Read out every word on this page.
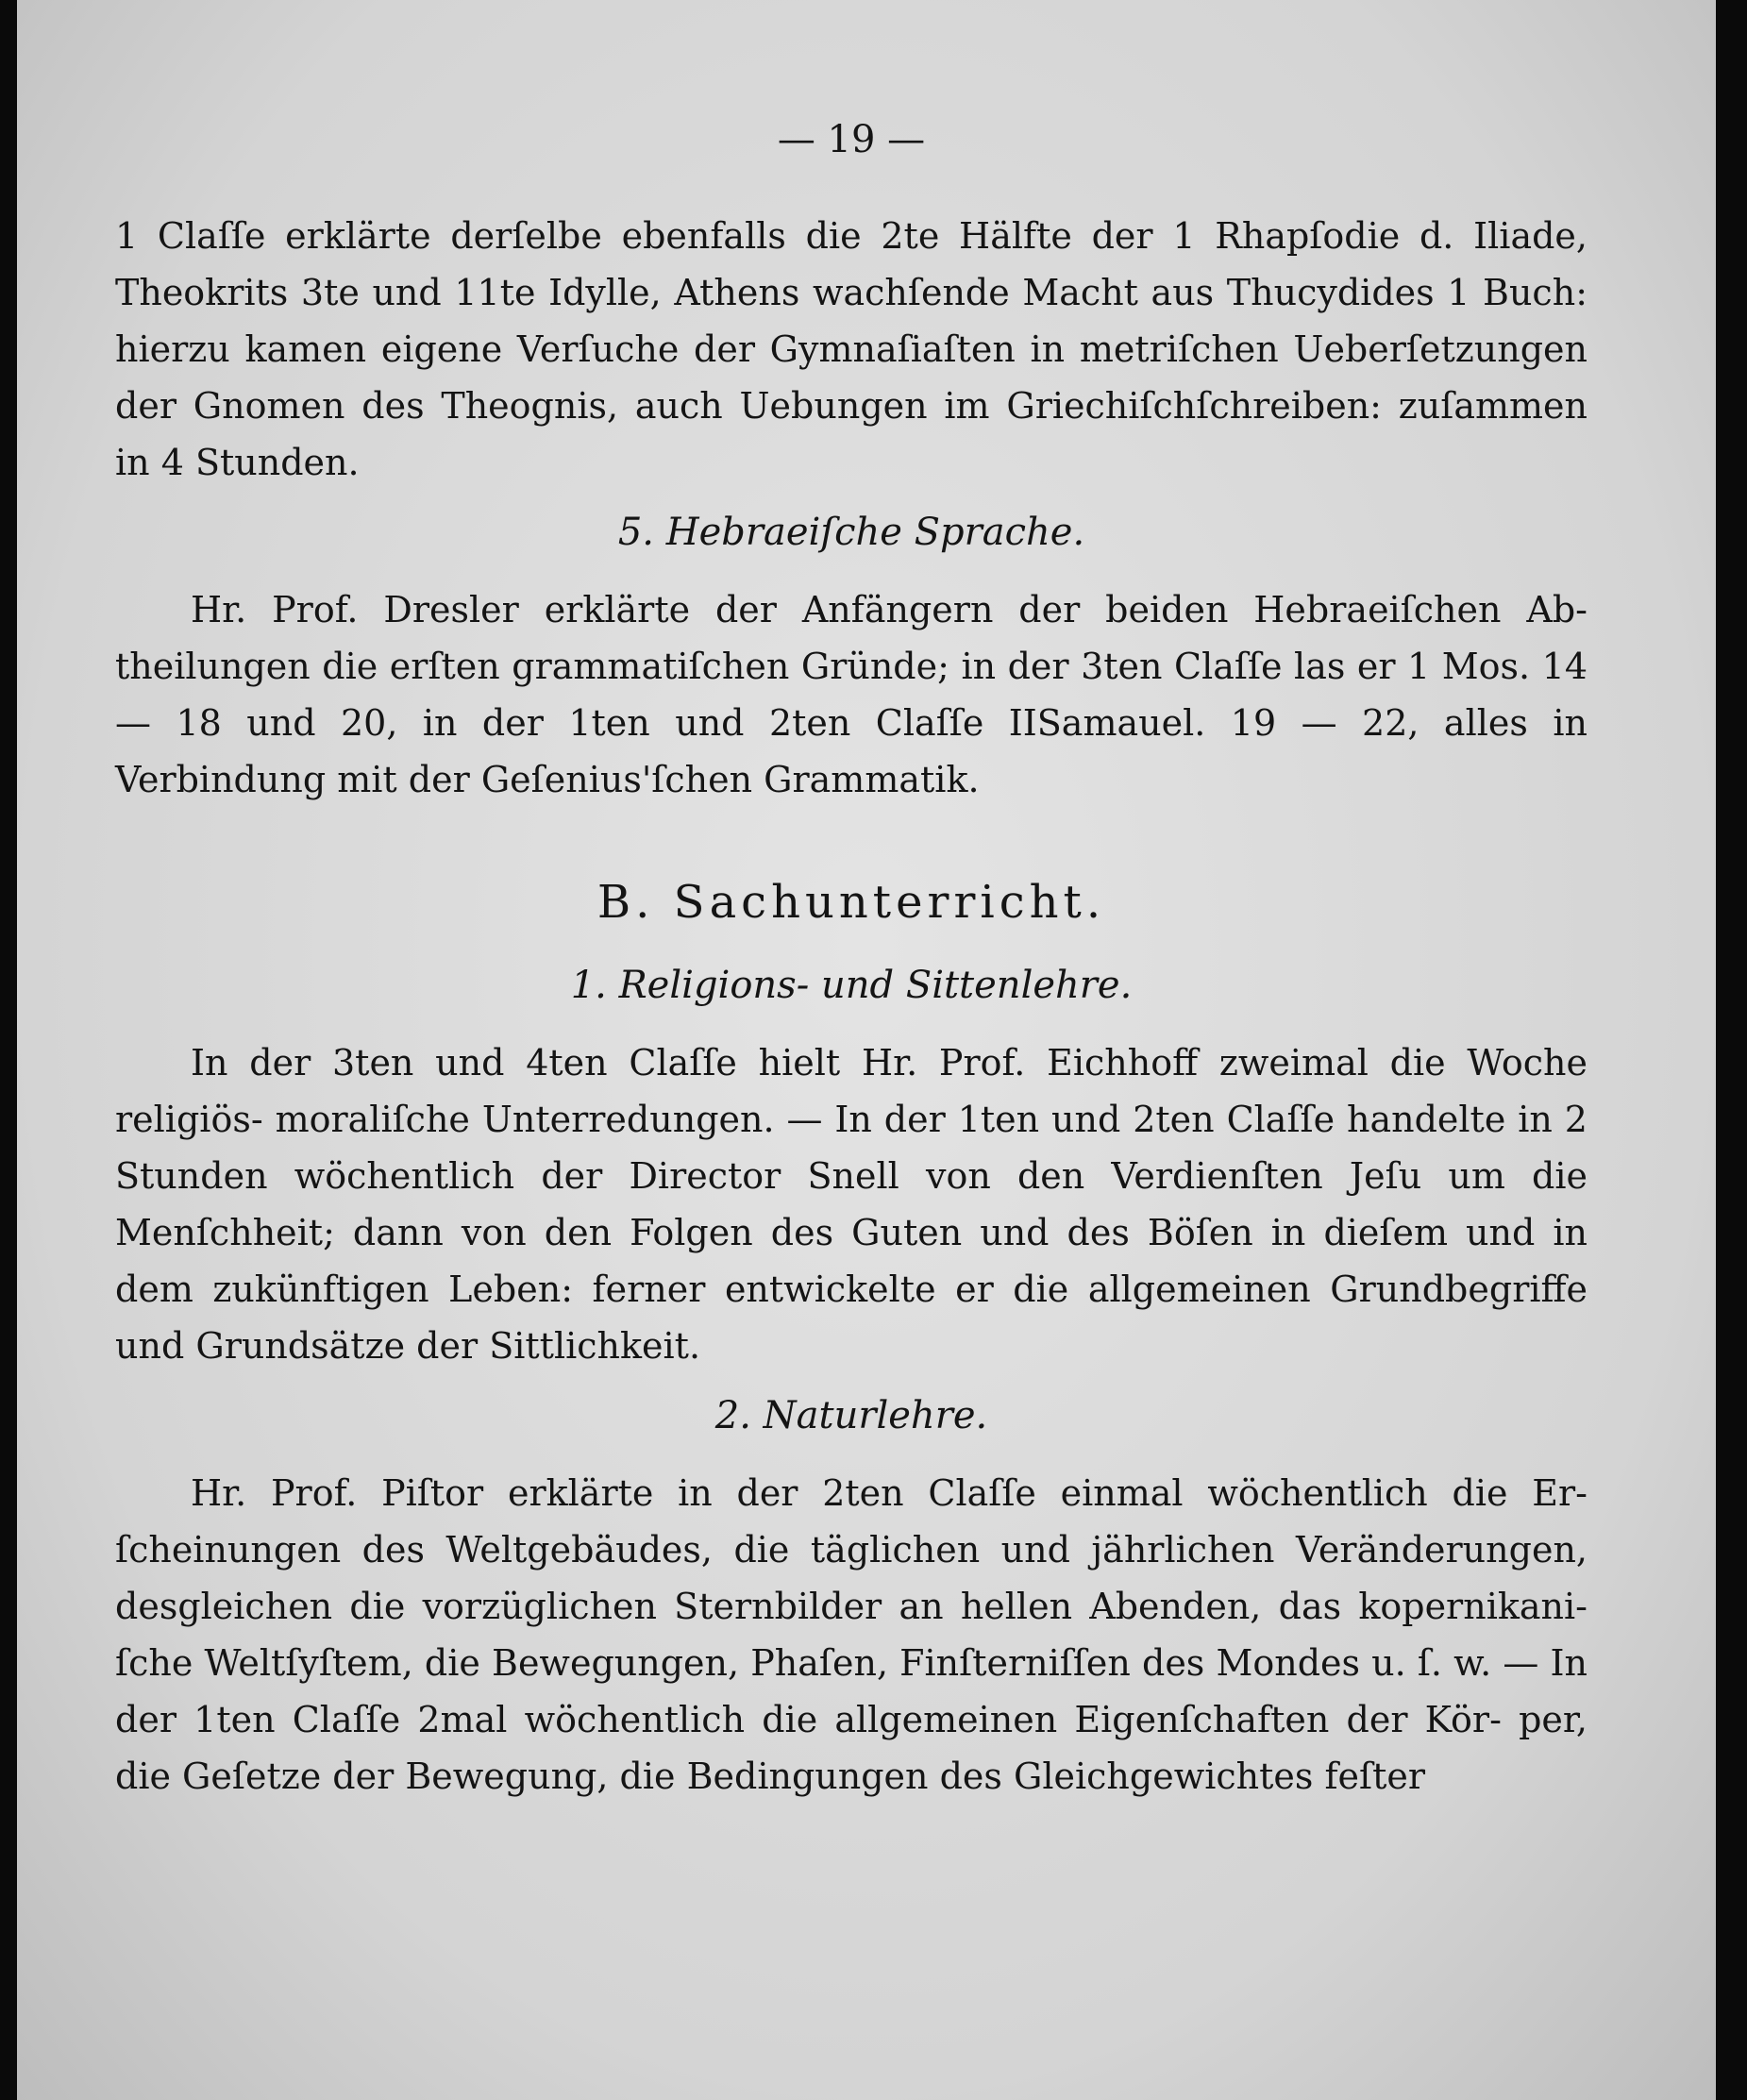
— 19 —

1 Claſſe erklärte derſelbe ebenfalls die 2te Hälfte der 1 Rhapſodie d. Iliade, Theokrits 3te und 11te Idylle, Athens wachſende Macht aus Thucydides 1 Buch: hierzu kamen eigene Verſuche der Gymnaſiaſten in metriſchen Ueberſetzungen der Gnomen des Theognis, auch Uebungen im Griechiſchſchreiben: zuſammen in 4 Stunden.

5. Hebraeiſche Sprache.

Hr. Prof. Dresler erklärte der Anfängern der beiden Hebraeiſchen Ab- theilungen die erſten grammatiſchen Gründe; in der 3ten Claſſe las er 1 Mos. 14 — 18 und 20, in der 1ten und 2ten Claſſe IISamauel. 19 — 22, alles in Verbindung mit der Geſenius'ſchen Grammatik.

B. Sachunterricht.
1. Religions- und Sittenlehre.

In der 3ten und 4ten Claſſe hielt Hr. Prof. Eichhoff zweimal die Woche religiös- moraliſche Unterredungen. — In der 1ten und 2ten Claſſe handelte in 2 Stunden wöchentlich der Director Snell von den Verdienſten Jeſu um die Menſchheit; dann von den Folgen des Guten und des Böſen in dieſem und in dem zukünftigen Leben: ferner entwickelte er die allgemeinen Grundbegriffe und Grundsätze der Sittlichkeit.

2. Naturlehre.

Hr. Prof. Piſtor erklärte in der 2ten Claſſe einmal wöchentlich die Er- ſcheinungen des Weltgebäudes, die täglichen und jährlichen Veränderungen, desgleichen die vorzüglichen Sternbilder an hellen Abenden, das kopernikani- ſche Weltſyſtem, die Bewegungen, Phaſen, Finſterniſſen des Mondes u. ſ. w. — In der 1ten Claſſe 2mal wöchentlich die allgemeinen Eigenſchaften der Kör- per, die Geſetze der Bewegung, die Bedingungen des Gleichgewichtes feſter
